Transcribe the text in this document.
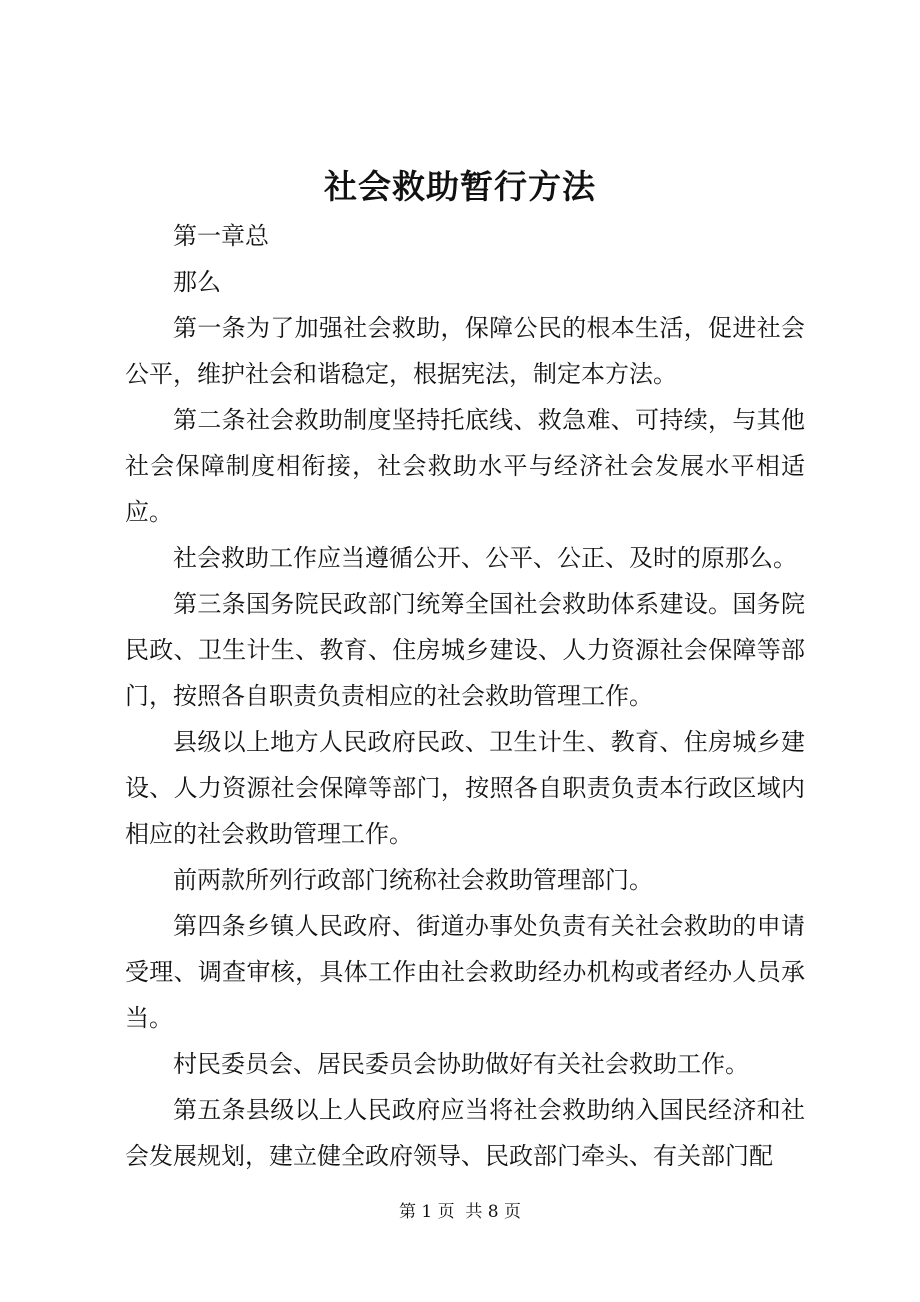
社会救助暂行方法

第一章总

那么

第一条为了加强社会救助，保障公民的根本生活，促进社会公平，维护社会和谐稳定，根据宪法，制定本方法。

第二条社会救助制度坚持托底线、救急难、可持续，与其他社会保障制度相衔接，社会救助水平与经济社会发展水平相适应。

社会救助工作应当遵循公开、公平、公正、及时的原那么。

第三条国务院民政部门统筹全国社会救助体系建设。国务院民政、卫生计生、教育、住房城乡建设、人力资源社会保障等部门，按照各自职责负责相应的社会救助管理工作。

县级以上地方人民政府民政、卫生计生、教育、住房城乡建设、人力资源社会保障等部门，按照各自职责负责本行政区域内相应的社会救助管理工作。

前两款所列行政部门统称社会救助管理部门。

第四条乡镇人民政府、街道办事处负责有关社会救助的申请受理、调查审核，具体工作由社会救助经办机构或者经办人员承当。

村民委员会、居民委员会协助做好有关社会救助工作。

第五条县级以上人民政府应当将社会救助纳入国民经济和社会发展规划，建立健全政府领导、民政部门牵头、有关部门配

第 1 页  共 8 页
